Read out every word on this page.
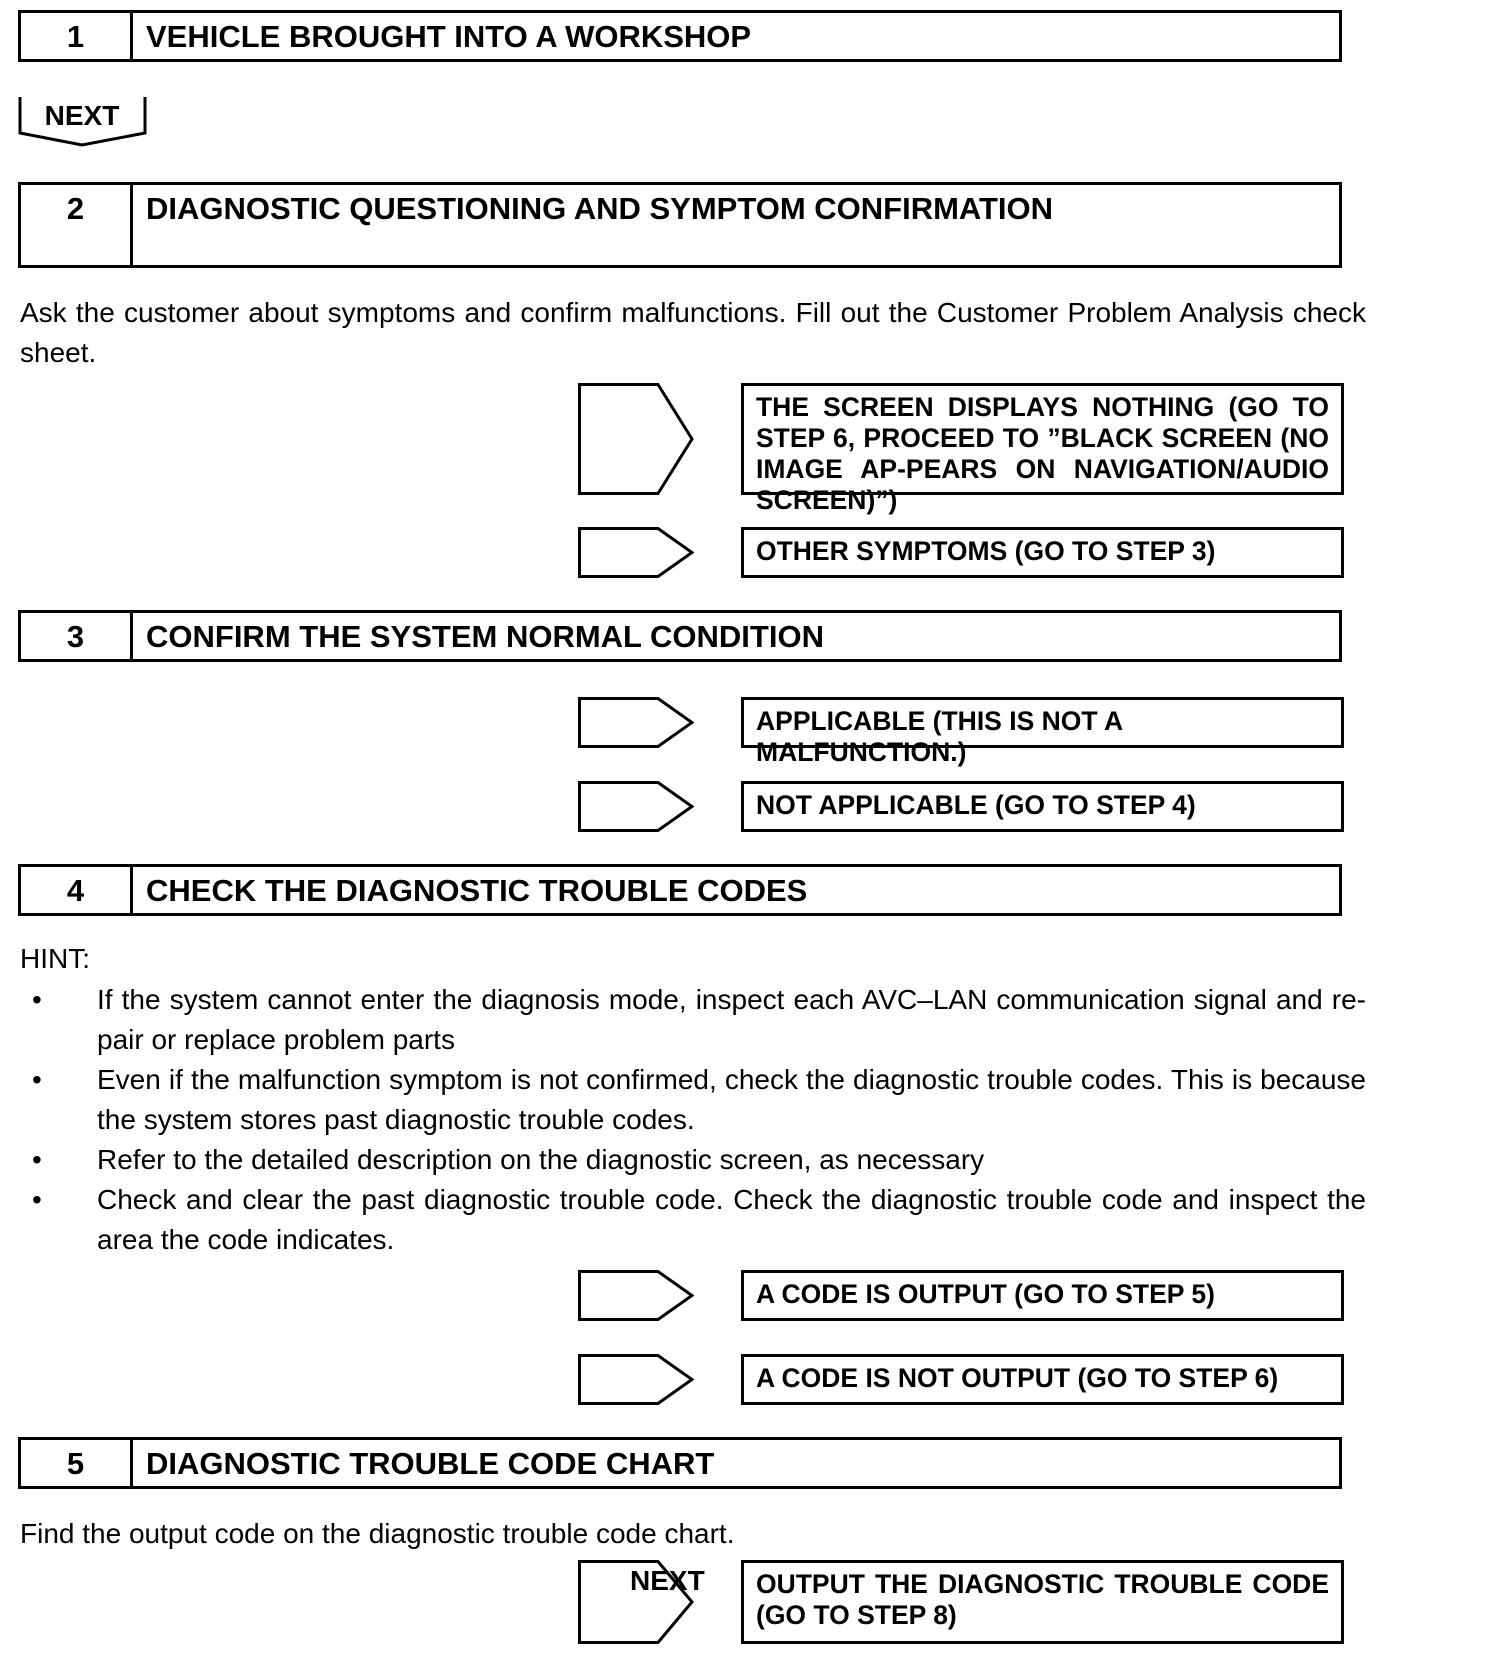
1	VEHICLE BROUGHT INTO A WORKSHOP
NEXT
2	DIAGNOSTIC QUESTIONING AND SYMPTOM CONFIRMATION
Ask the customer about symptoms and confirm malfunctions. Fill out the Customer Problem Analysis check sheet.
THE SCREEN DISPLAYS NOTHING (GO TO STEP 6, PROCEED TO ”BLACK SCREEN (NO IMAGE AP-PEARS ON NAVIGATION/AUDIO SCREEN)”)
OTHER SYMPTOMS (GO TO STEP 3)
3	CONFIRM THE SYSTEM NORMAL CONDITION
APPLICABLE (THIS IS NOT A MALFUNCTION.)
NOT APPLICABLE (GO TO STEP 4)
4	CHECK THE DIAGNOSTIC TROUBLE CODES
HINT:
• If the system cannot enter the diagnosis mode, inspect each AVC–LAN communication signal and re-pair or replace problem parts
• Even if the malfunction symptom is not confirmed, check the diagnostic trouble codes. This is because the system stores past diagnostic trouble codes.
• Refer to the detailed description on the diagnostic screen, as necessary
• Check and clear the past diagnostic trouble code. Check the diagnostic trouble code and inspect the area the code indicates.
A CODE IS OUTPUT (GO TO STEP 5)
A CODE IS NOT OUTPUT (GO TO STEP 6)
5	DIAGNOSTIC TROUBLE CODE CHART
Find the output code on the diagnostic trouble code chart.
NEXT	OUTPUT THE DIAGNOSTIC TROUBLE CODE (GO TO STEP 8)
